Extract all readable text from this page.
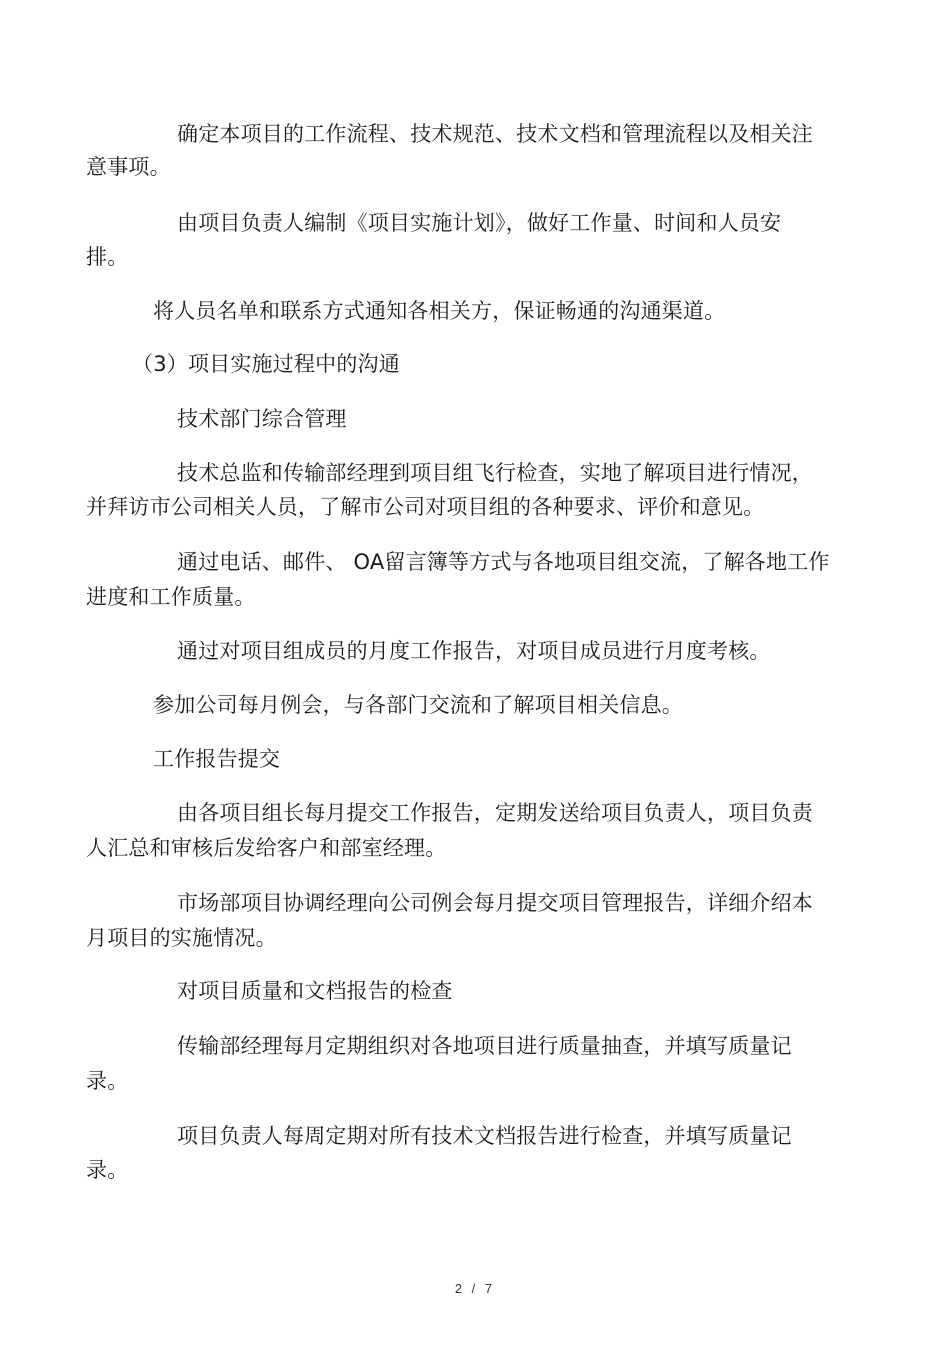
确定本项目的工作流程、技术规范、技术文档和管理流程以及相关注
意事项。
由项目负责人编制《项目实施计划》，做好工作量、时间和人员安
排。
将人员名单和联系方式通知各相关方，保证畅通的沟通渠道。
（3）项目实施过程中的沟通
技术部门综合管理
技术总监和传输部经理到项目组飞行检查，实地了解项目进行情况，
并拜访市公司相关人员，了解市公司对项目组的各种要求、评价和意见。
通过电话、邮件、 OA留言簿等方式与各地项目组交流，了解各地工作
进度和工作质量。
通过对项目组成员的月度工作报告，对项目成员进行月度考核。
参加公司每月例会，与各部门交流和了解项目相关信息。
工作报告提交
由各项目组长每月提交工作报告，定期发送给项目负责人，项目负责
人汇总和审核后发给客户和部室经理。
市场部项目协调经理向公司例会每月提交项目管理报告，详细介绍本
月项目的实施情况。
对项目质量和文档报告的检查
传输部经理每月定期组织对各地项目进行质量抽查，并填写质量记
录。
项目负责人每周定期对所有技术文档报告进行检查，并填写质量记
录。
2 / 7
